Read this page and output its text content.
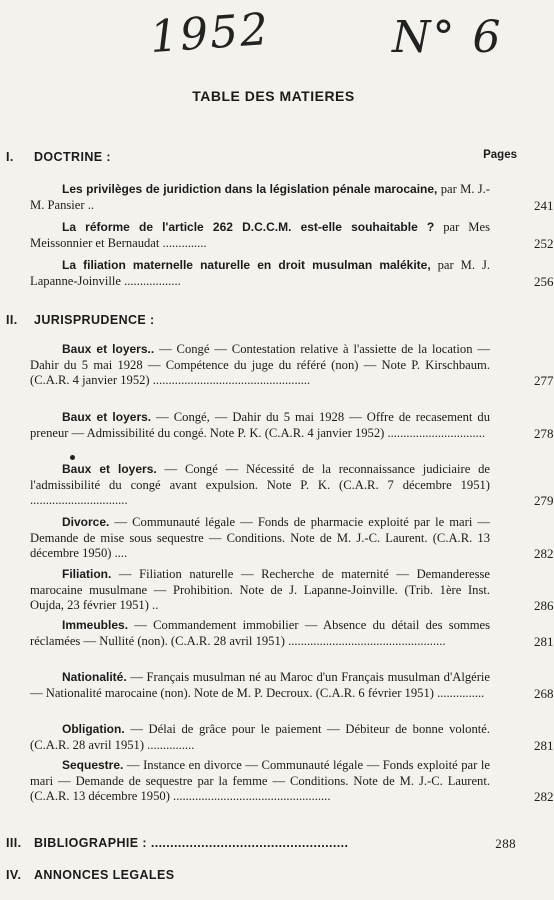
1952	N° 6
TABLE DES MATIERES
I. DOCTRINE :	Pages
Les privilèges de juridiction dans la législation pénale marocaine, par M. J.-M. Pansier ..	241
La réforme de l'article 262 D.C.C.M. est-elle souhaitable ? par Mes Meissonnier et Bernaudat ..............	252
La filiation maternelle naturelle en droit musulman malékite, par M. J. Lapanne-Joinville ..................	256
II. JURISPRUDENCE :
Baux et loyers.. — Congé — Contestation relative à l'assiette de la location — Dahir du 5 mai 1928 — Compétence du juge du référé (non) — Note P. Kirschbaum. (C.A.R. 4 janvier 1952) ..................................................	277
Baux et loyers. — Congé, — Dahir du 5 mai 1928 — Offre de recasement du preneur — Admissibilité du congé. Note P. K. (C.A.R. 4 janvier 1952) ...............................	278
Baux et loyers. — Congé — Nécessité de la reconnaissance judiciaire de l'admissibilité du congé avant expulsion. Note P. K. (C.A.R. 7 décembre 1951) ...............................	279
Divorce. — Communauté légale — Fonds de pharmacie exploité par le mari — Demande de mise sous sequestre — Conditions. Note de M. J.-C. Laurent. (C.A.R. 13 décembre 1950) ....	282
Filiation. — Filiation naturelle — Recherche de maternité — Demanderesse marocaine musulmane — Prohibition. Note de J. Lapanne-Joinville. (Trib. 1ère Inst. Oujda, 23 février 1951) ..	286
Immeubles. — Commandement immobilier — Absence du détail des sommes réclamées — Nullité (non). (C.A.R. 28 avril 1951) ..................................................	281
Nationalité. — Français musulman né au Maroc d'un Français musulman d'Algérie — Nationalité marocaine (non). Note de M. P. Decroux. (C.A.R. 6 février 1951) ...............	268
Obligation. — Délai de grâce pour le paiement — Débiteur de bonne volonté. (C.A.R. 28 avril 1951) ...............	281
Sequestre. — Instance en divorce — Communauté légale — Fonds exploité par le mari — Demande de sequestre par la femme — Conditions. Note de M. J.-C. Laurent. (C.A.R. 13 décembre 1950) ..................................................	282
III. BIBLIOGRAPHIE : ...................................................	288
IV. ANNONCES LEGALES
